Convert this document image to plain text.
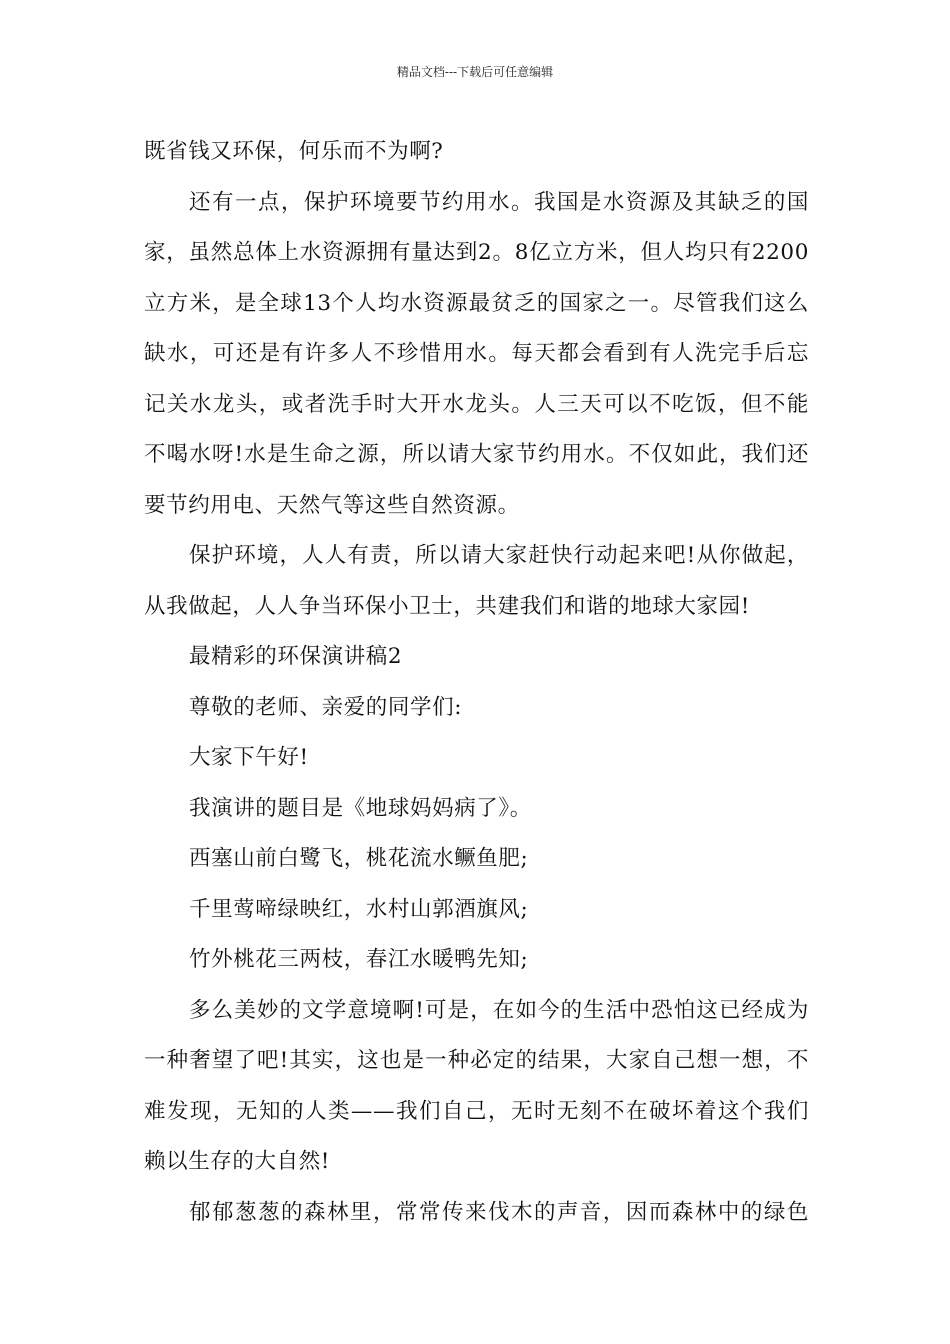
精品文档---下载后可任意编辑

既省钱又环保，何乐而不为啊?

还有一点，保护环境要节约用水。我国是水资源及其缺乏的国
家，虽然总体上水资源拥有量达到2。8亿立方米，但人均只有2200
立方米，是全球13个人均水资源最贫乏的国家之一。尽管我们这么
缺水，可还是有许多人不珍惜用水。每天都会看到有人洗完手后忘
记关水龙头，或者洗手时大开水龙头。人三天可以不吃饭，但不能
不喝水呀!水是生命之源，所以请大家节约用水。不仅如此，我们还
要节约用电、天然气等这些自然资源。

保护环境，人人有责，所以请大家赶快行动起来吧!从你做起，
从我做起，人人争当环保小卫士，共建我们和谐的地球大家园!

最精彩的环保演讲稿2

尊敬的老师、亲爱的同学们:

大家下午好!

我演讲的题目是《地球妈妈病了》。

西塞山前白鹭飞，桃花流水鳜鱼肥;

千里莺啼绿映红，水村山郭酒旗风;

竹外桃花三两枝，春江水暖鸭先知;

多么美妙的文学意境啊!可是，在如今的生活中恐怕这已经成为
一种奢望了吧!其实，这也是一种必定的结果，大家自己想一想，不
难发现，无知的人类——我们自己，无时无刻不在破坏着这个我们
赖以生存的大自然!

郁郁葱葱的森林里，常常传来伐木的声音，因而森林中的绿色
